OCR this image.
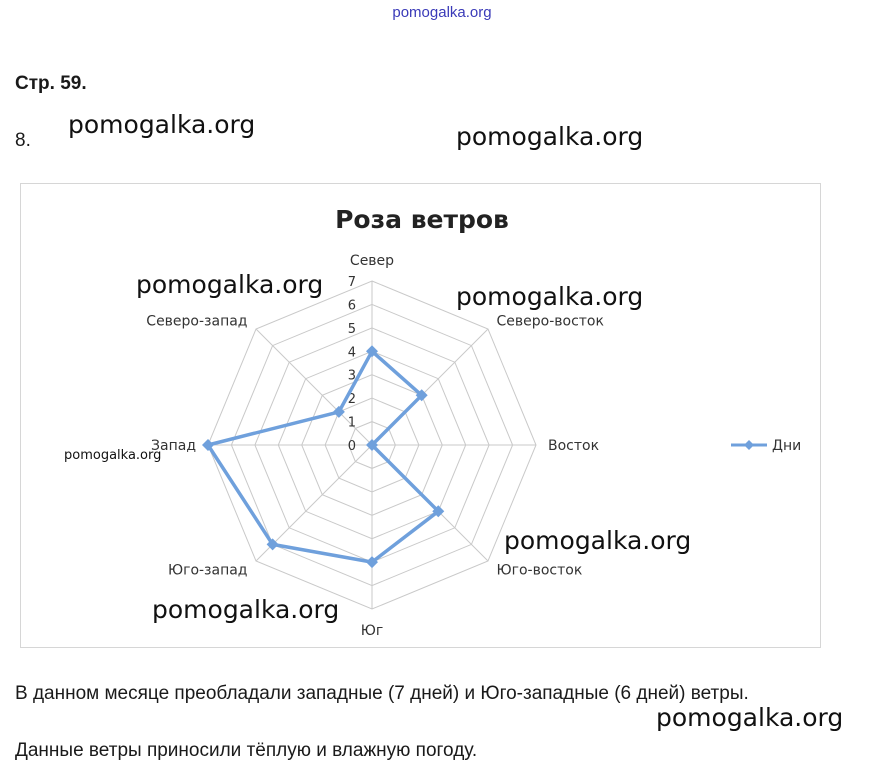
pomogalka.org
Стр. 59.
8.
Роза ветров
0
1
2
3
4
5
6
7
Север
Северо-восток
Восток
Юго-восток
Юг
Юго-запад
Запад
Северо-запад
Дни
pomogalka.org	pomogalka.org
pomogalka.org	pomogalka.org
pomogalka.org
pomogalka.org
pomogalka.org
pomogalka.org
В данном месяце преобладали западные (7 дней) и Юго-западные (6 дней) ветры.
Данные ветры приносили тёплую и влажную погоду.
